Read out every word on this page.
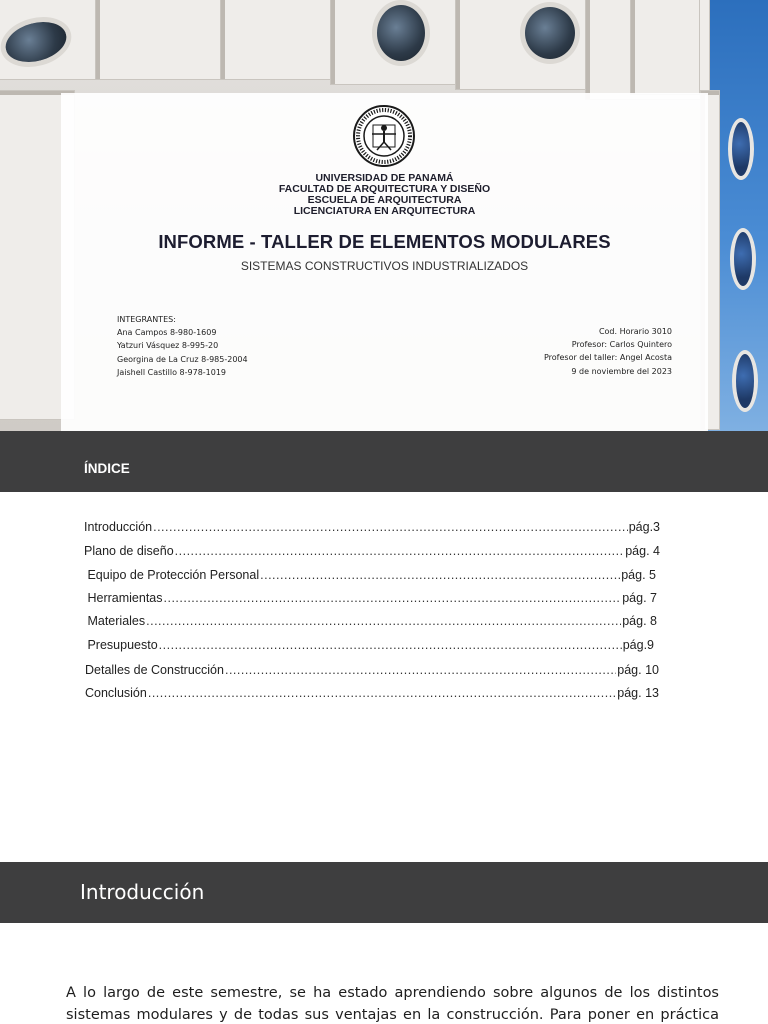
UNIVERSIDAD DE PANAMÁ
FACULTAD DE ARQUITECTURA Y DISEÑO
ESCUELA DE ARQUITECTURA
LICENCIATURA EN ARQUITECTURA
INFORME - TALLER DE ELEMENTOS MODULARES
SISTEMAS CONSTRUCTIVOS INDUSTRIALIZADOS
INTEGRANTES:
Ana Campos 8-980-1609
Yatzuri Vásquez 8-995-20
Georgina de La Cruz 8-985-2004
Jaishell Castillo 8-978-1019
Cod. Horario 3010
Profesor: Carlos Quintero
Profesor del taller: Angel Acosta
9 de noviembre del 2023
ÍNDICE
Introducción .....	pág.3
Plano de diseño .....	pág. 4
Equipo de Protección Personal .....	pág. 5
Herramientas .....	pág. 7
Materiales .....	pág. 8
Presupuesto .....	pág.9
Detalles de Construcción .....	pág. 10
Conclusión .....	pág. 13
Introducción
A lo largo de este semestre, se ha estado aprendiendo sobre algunos de los distintos sistemas modulares y de todas sus ventajas en la construcción. Para poner en práctica
